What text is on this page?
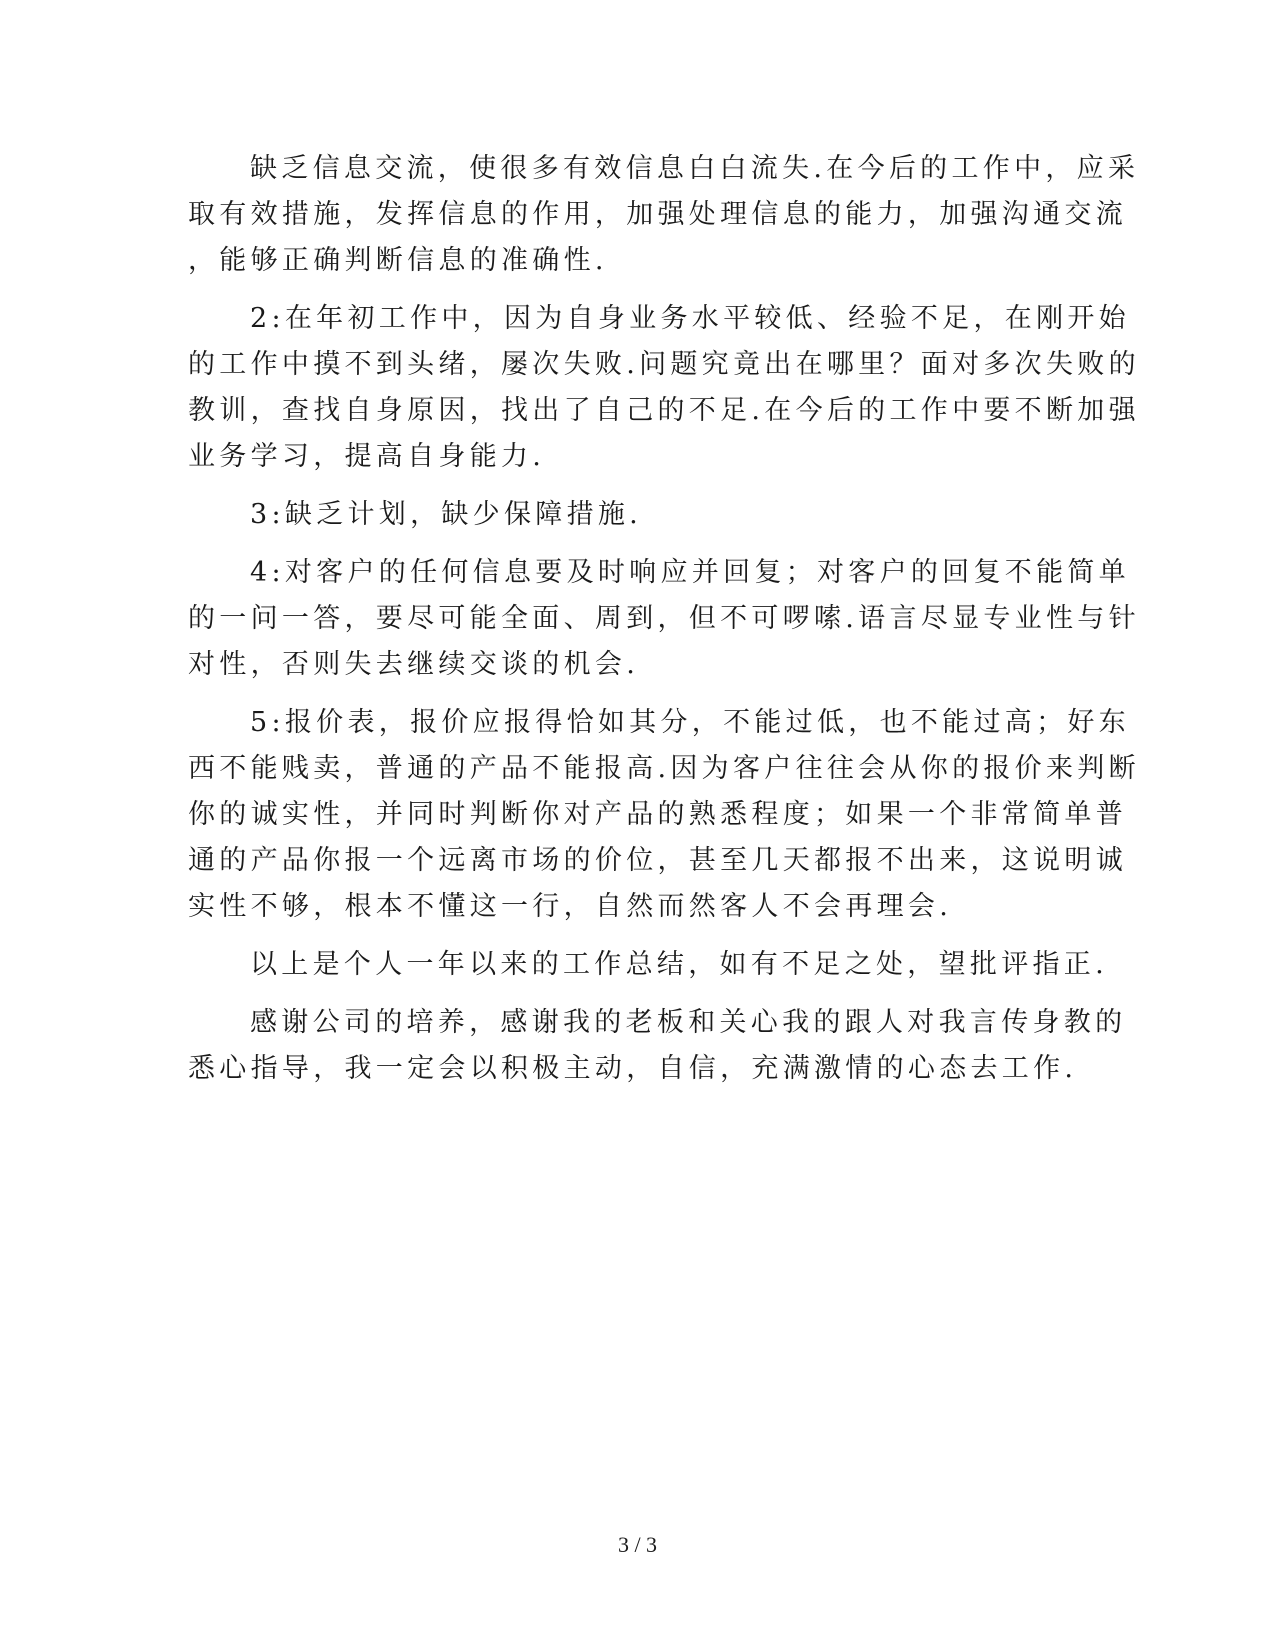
缺乏信息交流，使很多有效信息白白流失.在今后的工作中，应采
取有效措施，发挥信息的作用，加强处理信息的能力，加强沟通交流
，能够正确判断信息的准确性.

2:在年初工作中，因为自身业务水平较低、经验不足，在刚开始
的工作中摸不到头绪，屡次失败.问题究竟出在哪里？面对多次失败的
教训，查找自身原因，找出了自己的不足.在今后的工作中要不断加强
业务学习，提高自身能力.

3:缺乏计划，缺少保障措施.

4:对客户的任何信息要及时响应并回复；对客户的回复不能简单
的一问一答，要尽可能全面、周到，但不可啰嗦.语言尽显专业性与针
对性，否则失去继续交谈的机会.

5:报价表，报价应报得恰如其分，不能过低，也不能过高；好东
西不能贱卖，普通的产品不能报高.因为客户往往会从你的报价来判断
你的诚实性，并同时判断你对产品的熟悉程度；如果一个非常简单普
通的产品你报一个远离市场的价位，甚至几天都报不出来，这说明诚
实性不够，根本不懂这一行，自然而然客人不会再理会.

以上是个人一年以来的工作总结，如有不足之处，望批评指正.

感谢公司的培养，感谢我的老板和关心我的跟人对我言传身教的
悉心指导，我一定会以积极主动，自信，充满激情的心态去工作.

3 / 3
